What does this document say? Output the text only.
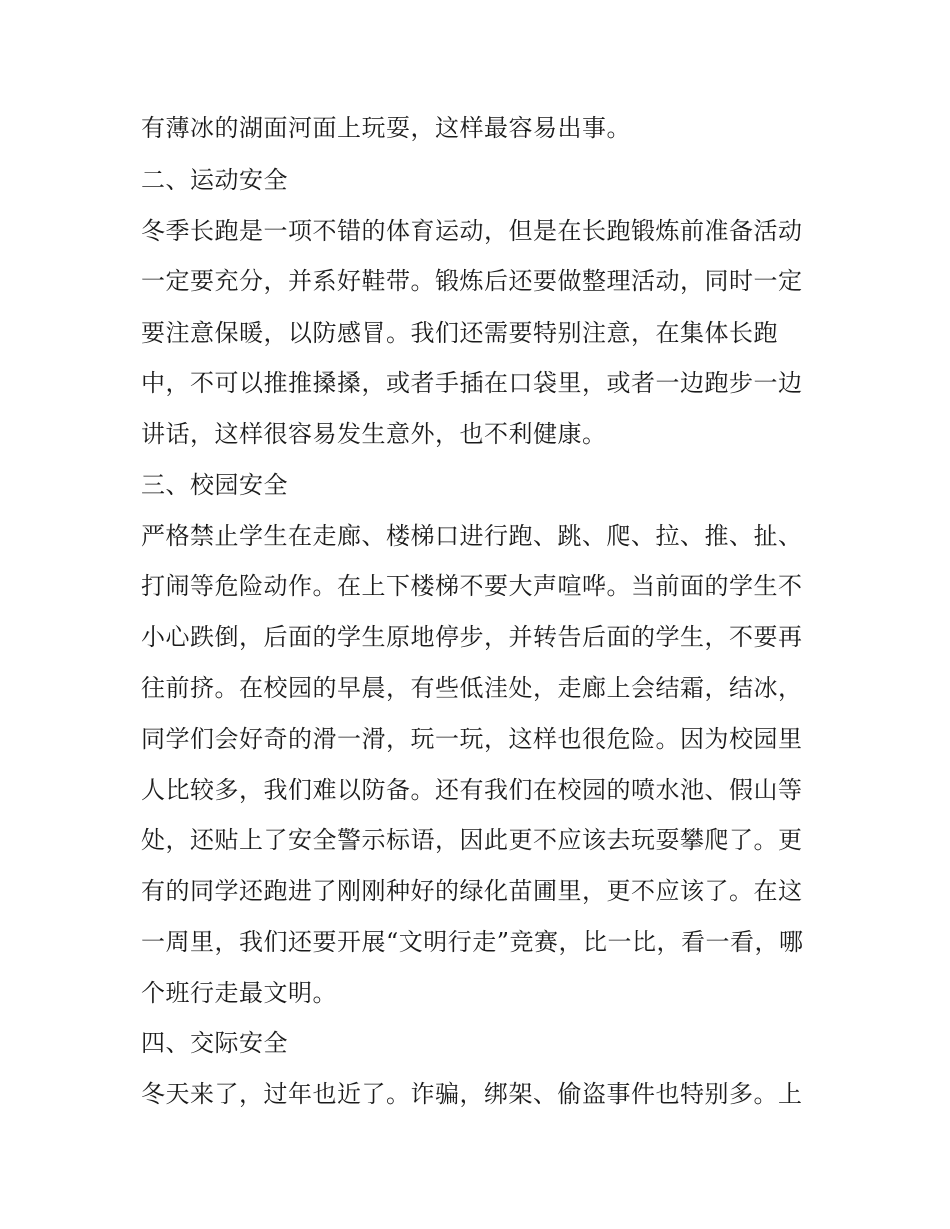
有薄冰的湖面河面上玩耍，这样最容易出事。
二、运动安全
冬季长跑是一项不错的体育运动，但是在长跑锻炼前准备活动
一定要充分，并系好鞋带。锻炼后还要做整理活动，同时一定
要注意保暖，以防感冒。我们还需要特别注意，在集体长跑
中，不可以推推搡搡，或者手插在口袋里，或者一边跑步一边
讲话，这样很容易发生意外，也不利健康。
三、校园安全
严格禁止学生在走廊、楼梯口进行跑、跳、爬、拉、推、扯、
打闹等危险动作。在上下楼梯不要大声喧哗。当前面的学生不
小心跌倒，后面的学生原地停步，并转告后面的学生，不要再
往前挤。在校园的早晨，有些低洼处，走廊上会结霜，结冰，
同学们会好奇的滑一滑，玩一玩，这样也很危险。因为校园里
人比较多，我们难以防备。还有我们在校园的喷水池、假山等
处，还贴上了安全警示标语，因此更不应该去玩耍攀爬了。更
有的同学还跑进了刚刚种好的绿化苗圃里，更不应该了。在这
一周里，我们还要开展“文明行走”竞赛，比一比，看一看，哪
个班行走最文明。
四、交际安全
冬天来了，过年也近了。诈骗，绑架、偷盗事件也特别多。上
